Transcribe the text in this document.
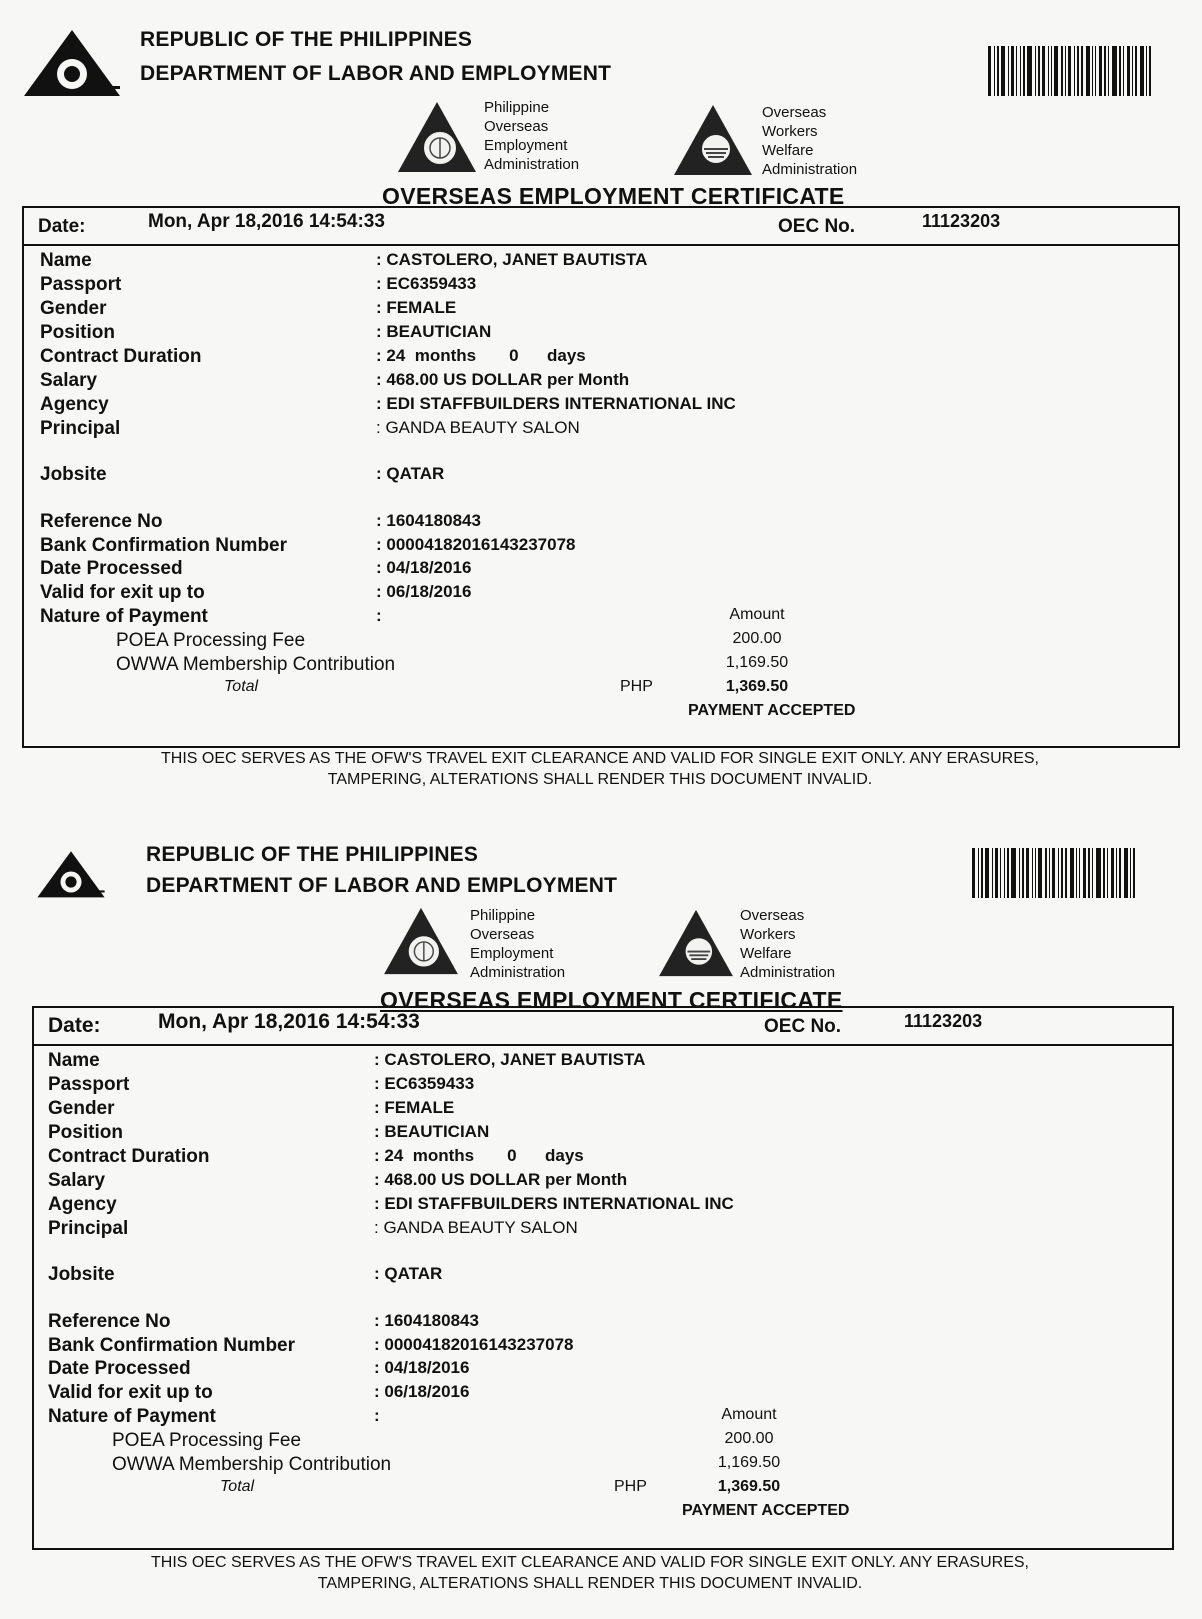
REPUBLIC OF THE PHILIPPINES
DEPARTMENT OF LABOR AND EMPLOYMENT
Philippine
Overseas
Employment
Administration
Overseas
Workers
Welfare
Administration
OVERSEAS EMPLOYMENT CERTIFICATE
Date:	Mon, Apr 18,2016 14:54:33	OEC No.	11123203
Name	: CASTOLERO, JANET BAUTISTA
Passport	: EC6359433
Gender	: FEMALE
Position	: BEAUTICIAN
Contract Duration	: 24  months       0      days
Salary	: 468.00 US DOLLAR per Month
Agency	: EDI STAFFBUILDERS INTERNATIONAL INC
Principal	: GANDA BEAUTY SALON
Jobsite	: QATAR
Reference No	: 1604180843
Bank Confirmation Number	: 00004182016143237078
Date Processed	: 04/18/2016
Valid for exit up to	: 06/18/2016
Nature of Payment	:	Amount
POEA Processing Fee	200.00
OWWA Membership Contribution	1,169.50
Total	PHP	1,369.50
PAYMENT ACCEPTED
THIS OEC SERVES AS THE OFW'S TRAVEL EXIT CLEARANCE AND VALID FOR SINGLE EXIT ONLY. ANY ERASURES,
TAMPERING, ALTERATIONS SHALL RENDER THIS DOCUMENT INVALID.
REPUBLIC OF THE PHILIPPINES
DEPARTMENT OF LABOR AND EMPLOYMENT
Philippine
Overseas
Employment
Administration
Overseas
Workers
Welfare
Administration
OVERSEAS EMPLOYMENT CERTIFICATE
Date:	Mon, Apr 18,2016 14:54:33	OEC No.	11123203
Name	: CASTOLERO, JANET BAUTISTA
Passport	: EC6359433
Gender	: FEMALE
Position	: BEAUTICIAN
Contract Duration	: 24  months       0      days
Salary	: 468.00 US DOLLAR per Month
Agency	: EDI STAFFBUILDERS INTERNATIONAL INC
Principal	: GANDA BEAUTY SALON
Jobsite	: QATAR
Reference No	: 1604180843
Bank Confirmation Number	: 00004182016143237078
Date Processed	: 04/18/2016
Valid for exit up to	: 06/18/2016
Nature of Payment	:	Amount
POEA Processing Fee	200.00
OWWA Membership Contribution	1,169.50
Total	PHP	1,369.50
PAYMENT ACCEPTED
THIS OEC SERVES AS THE OFW'S TRAVEL EXIT CLEARANCE AND VALID FOR SINGLE EXIT ONLY. ANY ERASURES,
TAMPERING, ALTERATIONS SHALL RENDER THIS DOCUMENT INVALID.
